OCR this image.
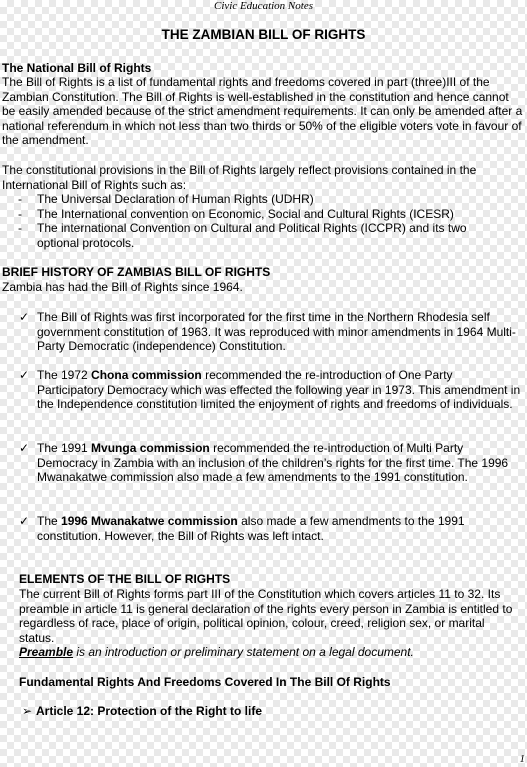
Civic Education Notes
THE ZAMBIAN BILL OF RIGHTS
The National Bill of Rights
The Bill of Rights is a list of fundamental rights and freedoms covered in part (three)III of the Zambian Constitution. The Bill of Rights is well-established in the constitution and hence cannot be easily amended because of the strict amendment requirements. It can only be amended after a national referendum in which not less than two thirds or 50% of the eligible voters vote in favour of the amendment.
The constitutional provisions in the Bill of Rights largely reflect provisions contained in the International Bill of Rights such as:
-	The Universal Declaration of Human Rights (UDHR)
-	The International convention on Economic, Social and Cultural Rights (ICESR)
-	The international Convention on Cultural and Political Rights (ICCPR) and its two optional protocols.
BRIEF HISTORY OF ZAMBIAS BILL OF RIGHTS
Zambia has had the Bill of Rights since 1964.
✓ The Bill of Rights was first incorporated for the first time in the Northern Rhodesia self government constitution of 1963. It was reproduced with minor amendments in 1964 Multi-Party Democratic (independence) Constitution.
✓ The 1972 Chona commission recommended the re-introduction of One Party Participatory Democracy which was effected the following year in 1973. This amendment in the Independence constitution limited the enjoyment of rights and freedoms of individuals.
✓ The 1991 Mvunga commission recommended the re-introduction of Multi Party Democracy in Zambia with an inclusion of the children’s rights for the first time. The 1996 Mwanakatwe commission also made a few amendments to the 1991 constitution.
✓ The 1996 Mwanakatwe commission also made a few amendments to the 1991 constitution. However, the Bill of Rights was left intact.
ELEMENTS OF THE BILL OF RIGHTS
The current Bill of Rights forms part III of the Constitution which covers articles 11 to 32. Its preamble in article 11 is general declaration of the rights every person in Zambia is entitled to regardless of race, place of origin, political opinion, colour, creed, religion sex, or marital status.
Preamble is an introduction or preliminary statement on a legal document.
Fundamental Rights And Freedoms Covered In The Bill Of Rights
➢ Article 12: Protection of the Right to life
1
